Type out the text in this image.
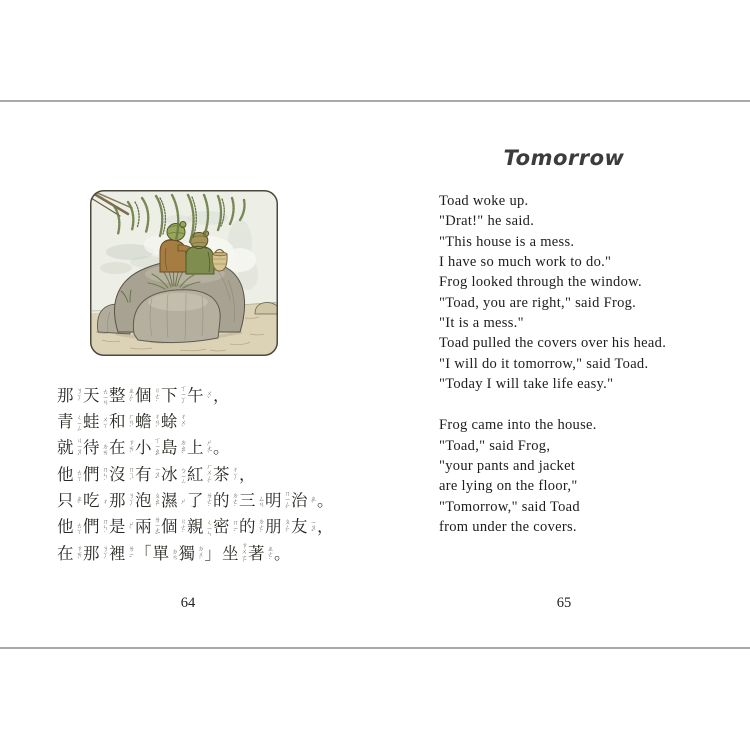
那 ㄋㄚˋ 天 ㄊㄧㄢ 整 ㄓㄥˇ 個 ㄍㄜ˙ 下 ㄒㄧㄚˋ 午 ㄨˇ ，
青 ㄑㄧㄥ 蛙 ㄨㄚ 和 ㄏㄢˋ 蟾 ㄔㄢˊ 蜍 ㄔㄨˊ
就 ㄐㄧㄡˋ 待 ㄉㄞ 在 ㄗㄞˋ 小 ㄒㄧㄠˇ 島 ㄉㄠˇ 上 ㄕㄤˋ 。
他 ㄊㄚ 們 ㄇㄣ˙ 沒 ㄇㄟˊ 有 ㄧㄡˇ 冰 ㄅㄧㄥ 紅 ㄏㄨㄥˊ 茶 ㄔㄚˊ ，
只 ㄓˇ 吃 ㄔ 那 ㄋㄚˋ 泡 ㄆㄠˋ 濕 ㄕ 了 ㄌㄜ˙ 的 ㄉㄜ˙ 三 ㄙㄢ 明 ㄇㄧㄥˊ 治 ㄓˋ 。
他 ㄊㄚ 們 ㄇㄣ˙ 是 ㄕˋ 兩 ㄌㄧㄤˇ 個 ㄍㄜ˙ 親 ㄑㄧㄣ 密 ㄇㄧˋ 的 ㄉㄜ˙ 朋 ㄆㄥˊ 友 ㄧㄡˇ ，
在 ㄗㄞˋ 那 ㄋㄚˋ 裡 ㄌㄧˇ 「 單 ㄉㄢ 獨 ㄉㄨˊ 」 坐 ㄗㄨㄛˋ 著 ㄓㄜ˙ 。
64
Tomorrow
Toad woke up.
"Drat!" he said.
"This house is a mess.
I have so much work to do."
Frog looked through the window.
"Toad, you are right," said Frog.
"It is a mess."
Toad pulled the covers over his head.
"I will do it tomorrow," said Toad.
"Today I will take life easy."
Frog came into the house.
"Toad," said Frog,
"your pants and jacket
are lying on the floor,"
"Tomorrow," said Toad
from under the covers.
65
